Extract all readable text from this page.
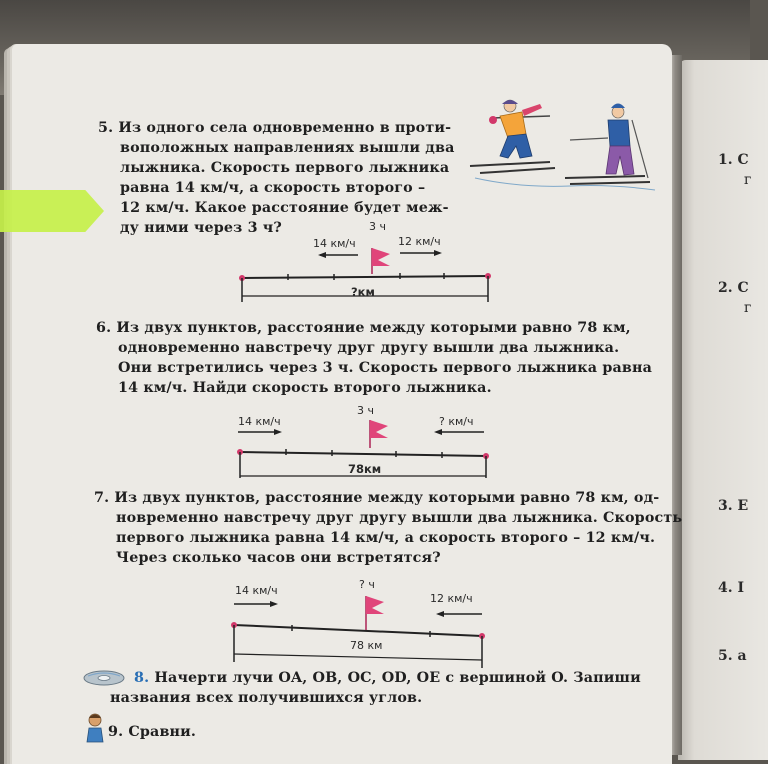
5. Из одного села одновременно в проти-
воположных направлениях вышли два
лыжника. Скорость первого лыжника
равна 14 км/ч, а скорость второго –
12 км/ч. Какое расстояние будет меж-
ду ними через 3 ч?	3 ч
14 км/ч	12 км/ч
?км
6. Из двух пунктов, расстояние между которыми равно 78 км,
одновременно навстречу друг другу вышли два лыжника.
Они встретились через 3 ч. Скорость первого лыжника равна
14 км/ч. Найди скорость второго лыжника.
3 ч
14 км/ч	? км/ч
78км
7. Из двух пунктов, расстояние между которыми равно 78 км, од-
новременно навстречу друг другу вышли два лыжника. Скорость
первого лыжника равна 14 км/ч, а скорость второго – 12 км/ч.
Через сколько часов они встретятся?
? ч
14 км/ч
12 км/ч
78 км
8. Начерти лучи OA, OB, OC, OD, OE с вершиной O. Запиши
названия всех получившихся углов.
9. Сравни.
1. С
г
2. С
г
3. Е
4. I
5. а
